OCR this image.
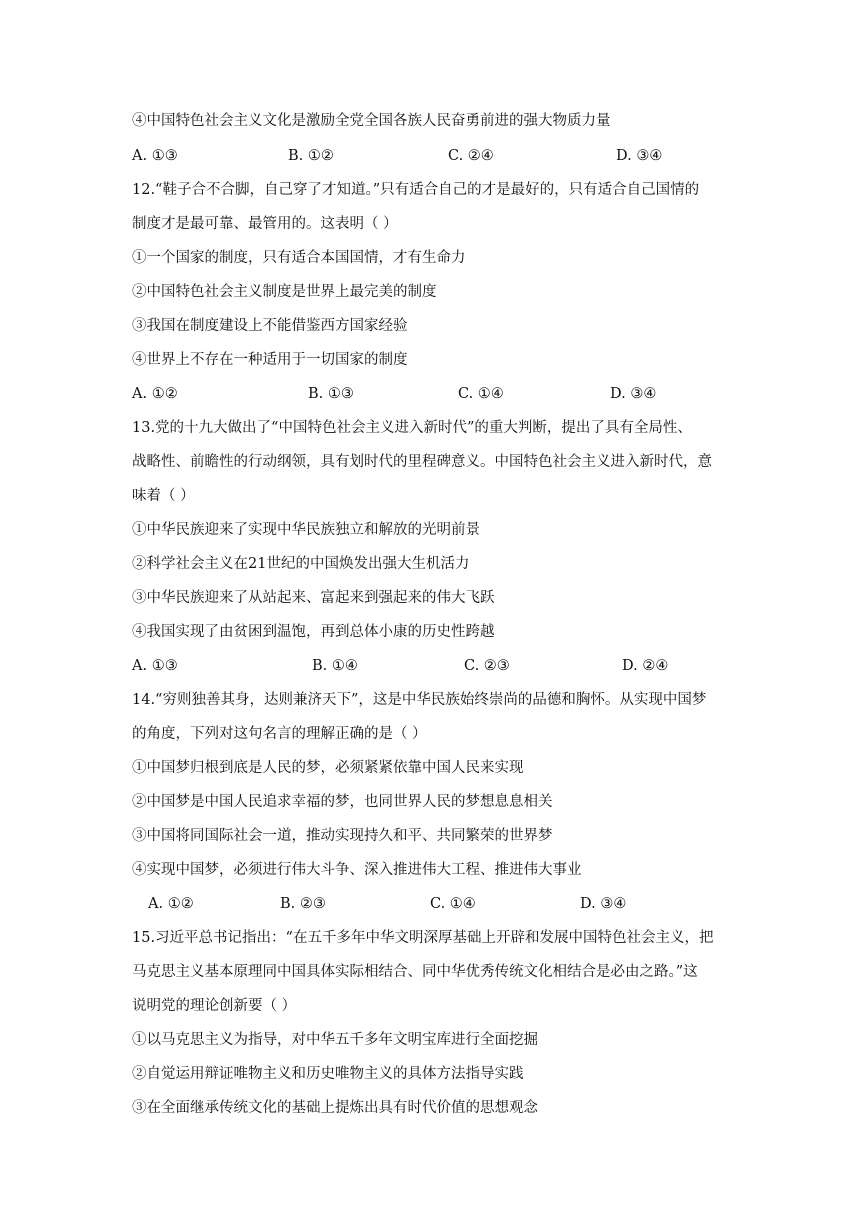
④中国特色社会主义文化是激励全党全国各族人民奋勇前进的强大物质力量
A. ①③	B. ①②	C. ②④	D. ③④
12.“鞋子合不合脚，自己穿了才知道。”只有适合自己的才是最好的，只有适合自己国情的
制度才是最可靠、最管用的。这表明（ ）
①一个国家的制度，只有适合本国国情，才有生命力
②中国特色社会主义制度是世界上最完美的制度
③我国在制度建设上不能借鉴西方国家经验
④世界上不存在一种适用于一切国家的制度
A. ①②	B. ①③	C. ①④	D. ③④
13.党的十九大做出了“中国特色社会主义进入新时代”的重大判断，提出了具有全局性、
战略性、前瞻性的行动纲领，具有划时代的里程碑意义。中国特色社会主义进入新时代，意
味着（ ）
①中华民族迎来了实现中华民族独立和解放的光明前景
②科学社会主义在21世纪的中国焕发出强大生机活力
③中华民族迎来了从站起来、富起来到强起来的伟大飞跃
④我国实现了由贫困到温饱，再到总体小康的历史性跨越
A. ①③	B. ①④	C. ②③	D. ②④
14.“穷则独善其身，达则兼济天下”，这是中华民族始终崇尚的品德和胸怀。从实现中国梦
的角度，下列对这句名言的理解正确的是（ ）
①中国梦归根到底是人民的梦，必须紧紧依靠中国人民来实现
②中国梦是中国人民追求幸福的梦，也同世界人民的梦想息息相关
③中国将同国际社会一道，推动实现持久和平、共同繁荣的世界梦
④实现中国梦，必须进行伟大斗争、深入推进伟大工程、推进伟大事业
A. ①②	B. ②③	C. ①④	D. ③④
15.习近平总书记指出：“在五千多年中华文明深厚基础上开辟和发展中国特色社会主义，把
马克思主义基本原理同中国具体实际相结合、同中华优秀传统文化相结合是必由之路。”这
说明党的理论创新要（ ）
①以马克思主义为指导，对中华五千多年文明宝库进行全面挖掘
②自觉运用辩证唯物主义和历史唯物主义的具体方法指导实践
③在全面继承传统文化的基础上提炼出具有时代价值的思想观念
